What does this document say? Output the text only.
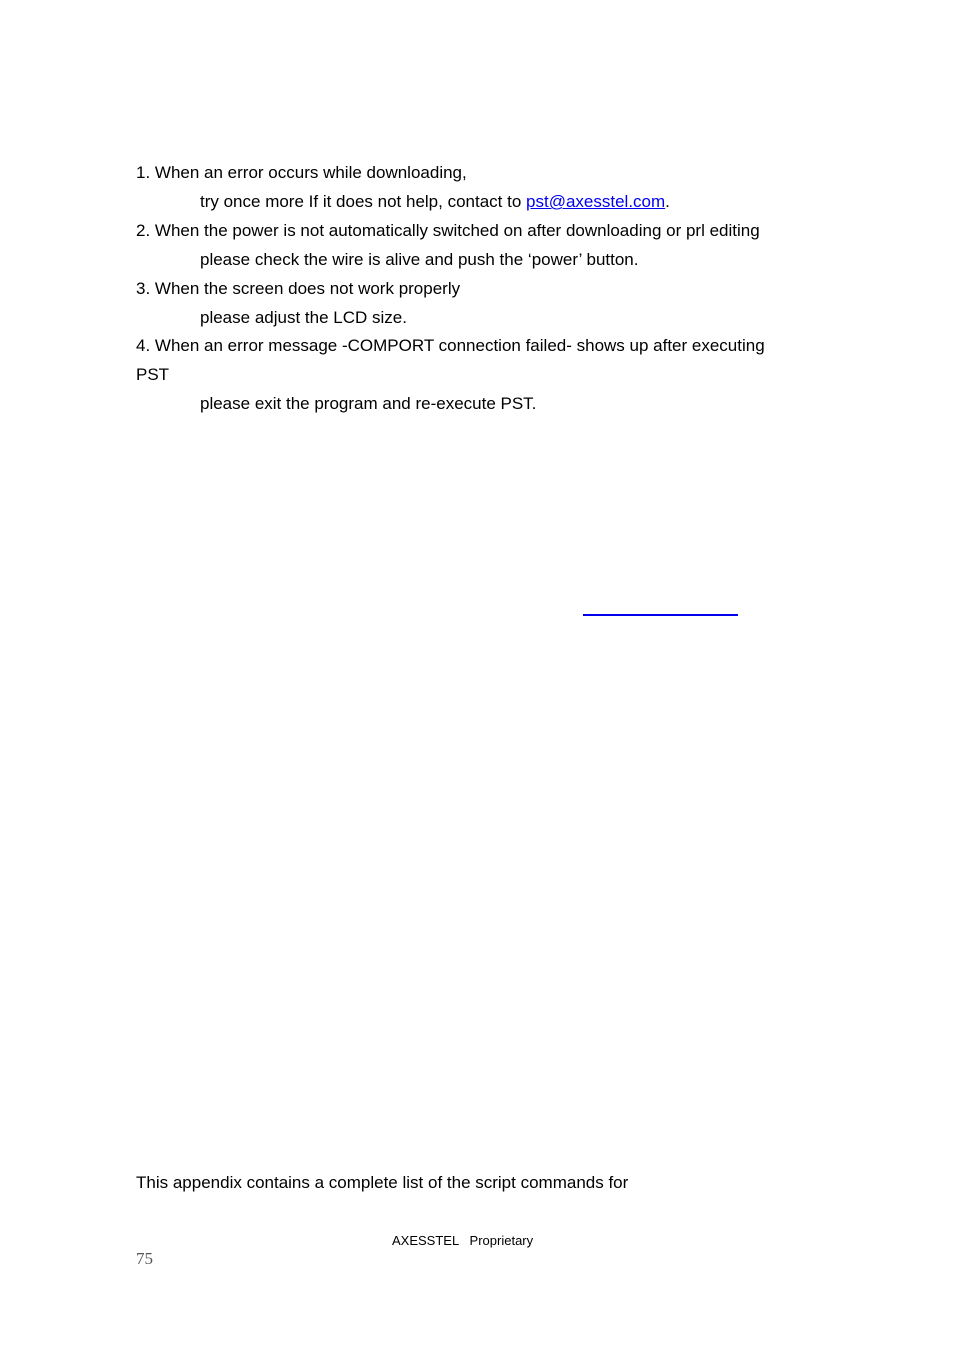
1. When an error occurs while downloading,
try once more If it does not help, contact to pst@axesstel.com.
2. When the power is not automatically switched on after downloading or prl editing
please check the wire is alive and push the ‘power’ button.
3. When the screen does not work properly
please adjust the LCD size.
4. When an error message -COMPORT connection failed- shows up after executing
PST
please exit the program and re-execute PST.
This appendix contains a complete list of the script commands for
AXESSTEL   Proprietary
75
